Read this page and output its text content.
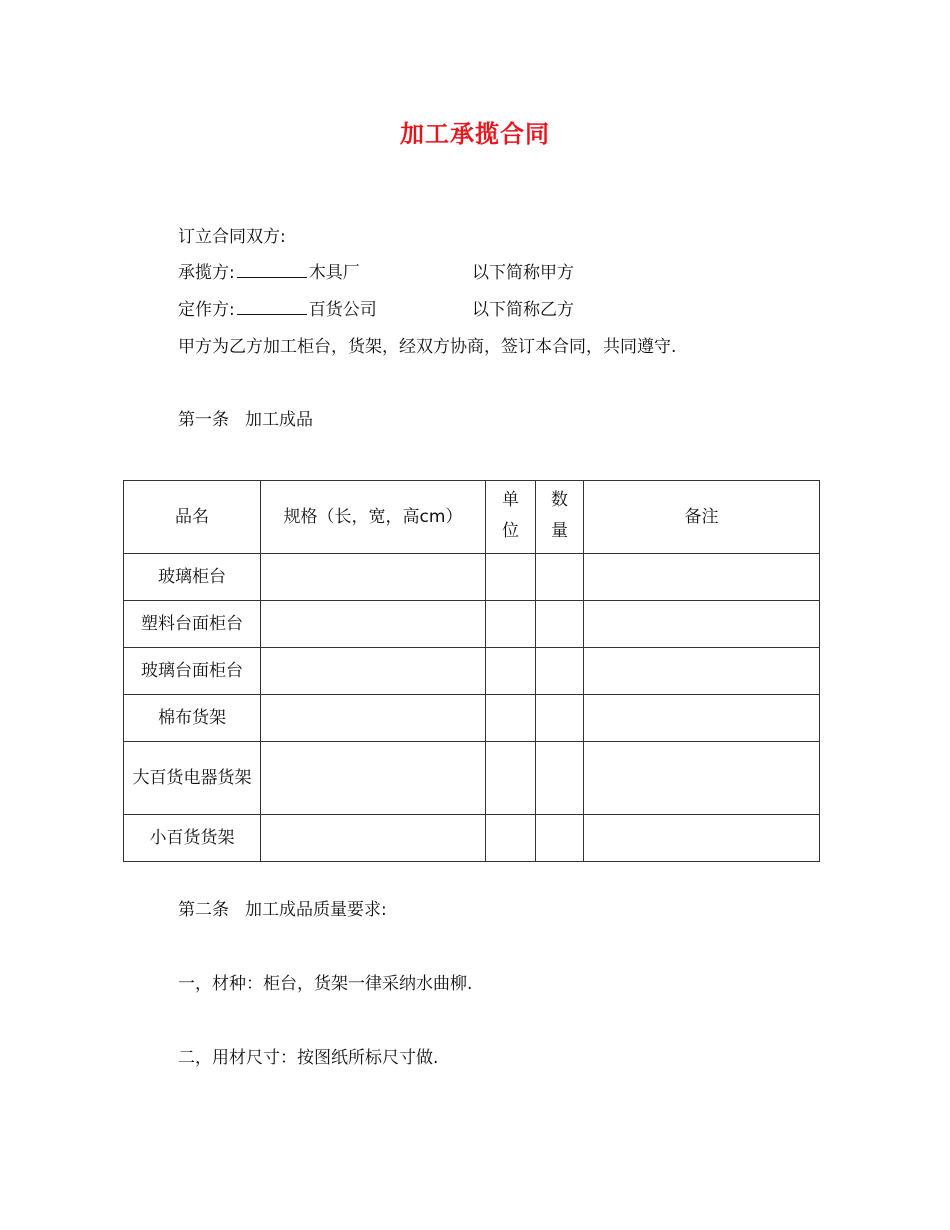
加工承揽合同
订立合同双方:
承揽方:	木具厂	以下简称甲方
定作方:	百货公司	以下简称乙方
甲方为乙方加工柜台，货架，经双方协商，签订本合同，共同遵守.
第一条 加工成品
品名	规格（长，宽，高cm）	单位	数量	备注
玻璃柜台				
塑料台面柜台				
玻璃台面柜台				
棉布货架				
大百货电器货架				
小百货货架				
第二条 加工成品质量要求:
一，材种：柜台，货架一律采纳水曲柳.
二，用材尺寸：按图纸所标尺寸做.
